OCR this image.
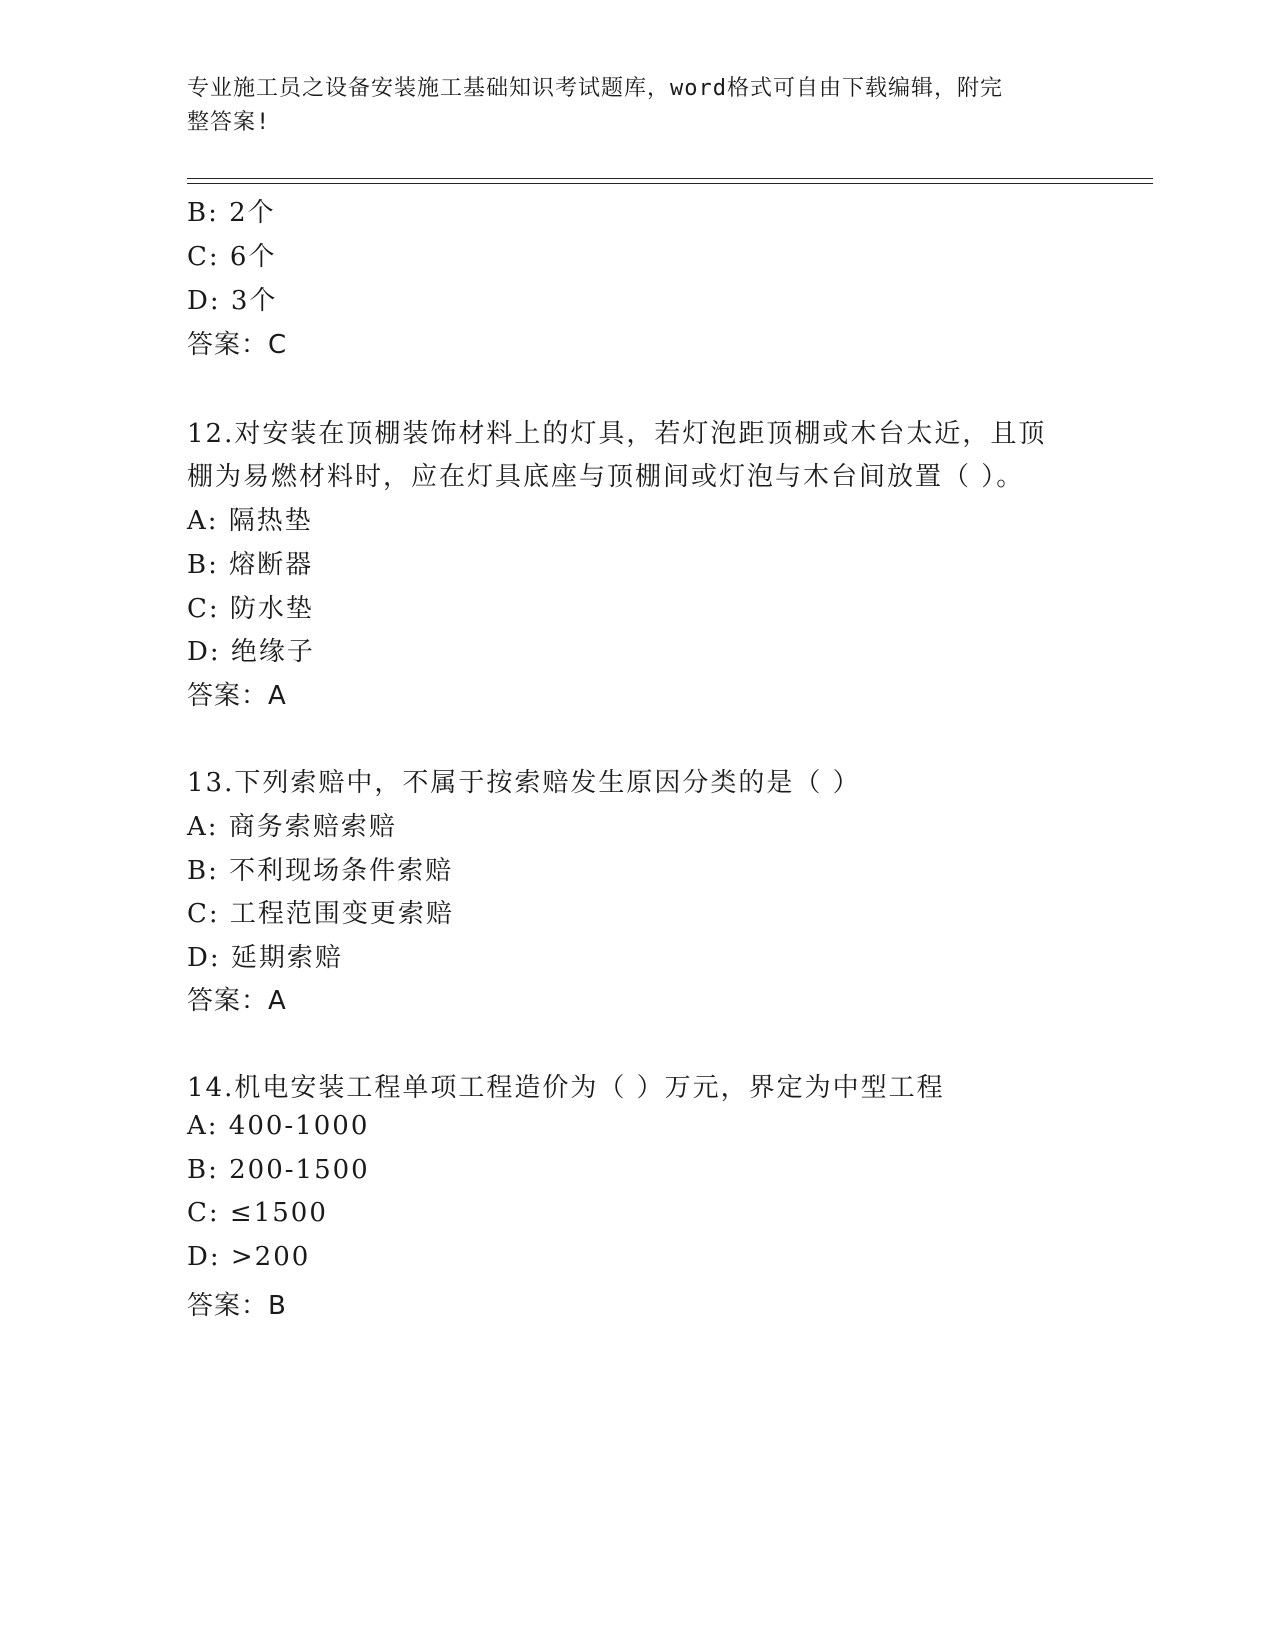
专业施工员之设备安装施工基础知识考试题库，word格式可自由下载编辑，附完
整答案!
B: 2个
C: 6个
D: 3个
答案：C
12.对安装在顶棚装饰材料上的灯具，若灯泡距顶棚或木台太近，且顶
棚为易燃材料时，应在灯具底座与顶棚间或灯泡与木台间放置（ ）。
A: 隔热垫
B: 熔断器
C: 防水垫
D: 绝缘子
答案：A
13.下列索赔中，不属于按索赔发生原因分类的是（ ）
A: 商务索赔索赔
B: 不利现场条件索赔
C: 工程范围变更索赔
D: 延期索赔
答案：A
14.机电安装工程单项工程造价为（ ）万元，界定为中型工程
A: 400-1000
B: 200-1500
C: ≤1500
D: >200
答案：B
